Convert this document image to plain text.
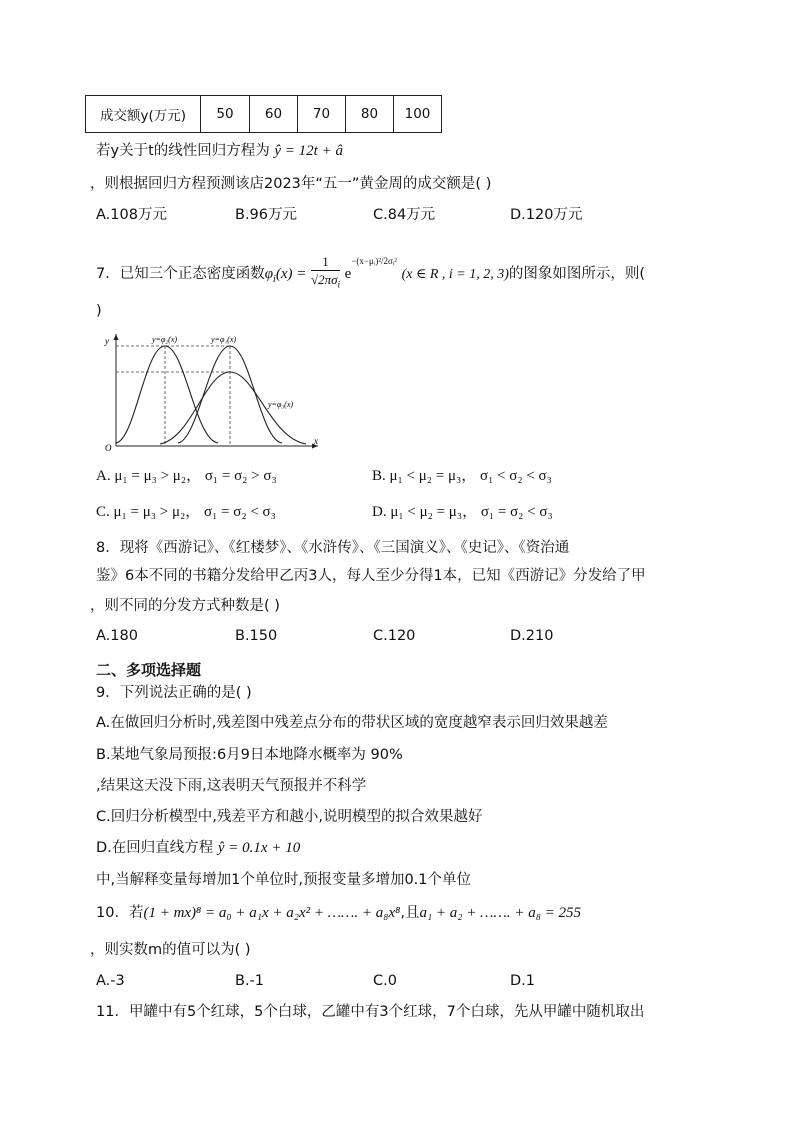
成交额y(万元)	50	60	70	80	100
若y关于t的线性回归方程为 ŷ = 12t + â
，则根据回归方程预测该店2023年“五一”黄金周的成交额是( )
A.108万元	B.96万元	C.84万元	D.120万元
7．已知三个正态密度函数$\varphi_i(x) = \frac{1}{√2\pi\sigma_i} e^{-(x-\mu ᵢ)^2/2\sigma ᵢ^2}$ (x ∈ R , i = 1, 2, 3)的图象如图所示，则(
)
y
x
O
y=φ₂(x)	y=φ₁(x)
y=φ₃(x)
A. μ₁ = μ₃ > μ₂， σ₁ = σ₂ > σ₃	B. μ₁ < μ₂ = μ₃， σ₁ < σ₂ < σ₃
C. μ₁ = μ₃ > μ₂， σ₁ = σ₂ < σ₃	D. μ₁ < μ₂ = μ₃， σ₁ = σ₂ < σ₃
8．现将《西游记》、《红楼梦》、《水浒传》、《三国演义》、《史记》、《资治通
鉴》6本不同的书籍分发给甲乙丙3人，每人至少分得1本，已知《西游记》分发给了甲
，则不同的分发方式种数是( )
A.180	B.150	C.120	D.210
二、多项选择题
9．下列说法正确的是( )
A.在做回归分析时,残差图中残差点分布的带状区域的宽度越窄表示回归效果越差
B.某地气象局预报:6月9日本地降水概率为 90%
,结果这天没下雨,这表明天气预报并不科学
C.回归分析模型中,残差平方和越小,说明模型的拟合效果越好
D.在回归直线方程 ŷ = 0.1x + 10
中,当解释变量每增加1个单位时,预报变量多增加0.1个单位
10．若(1 + mx)⁸ = a₀ + a₁x + a₂x² + ……. + a₈x⁸,且a₁ + a₂ + ……. + a₈ = 255
，则实数m的值可以为( )
A.-3	B.-1	C.0	D.1
11．甲罐中有5个红球，5个白球，乙罐中有3个红球，7个白球，先从甲罐中随机取出
